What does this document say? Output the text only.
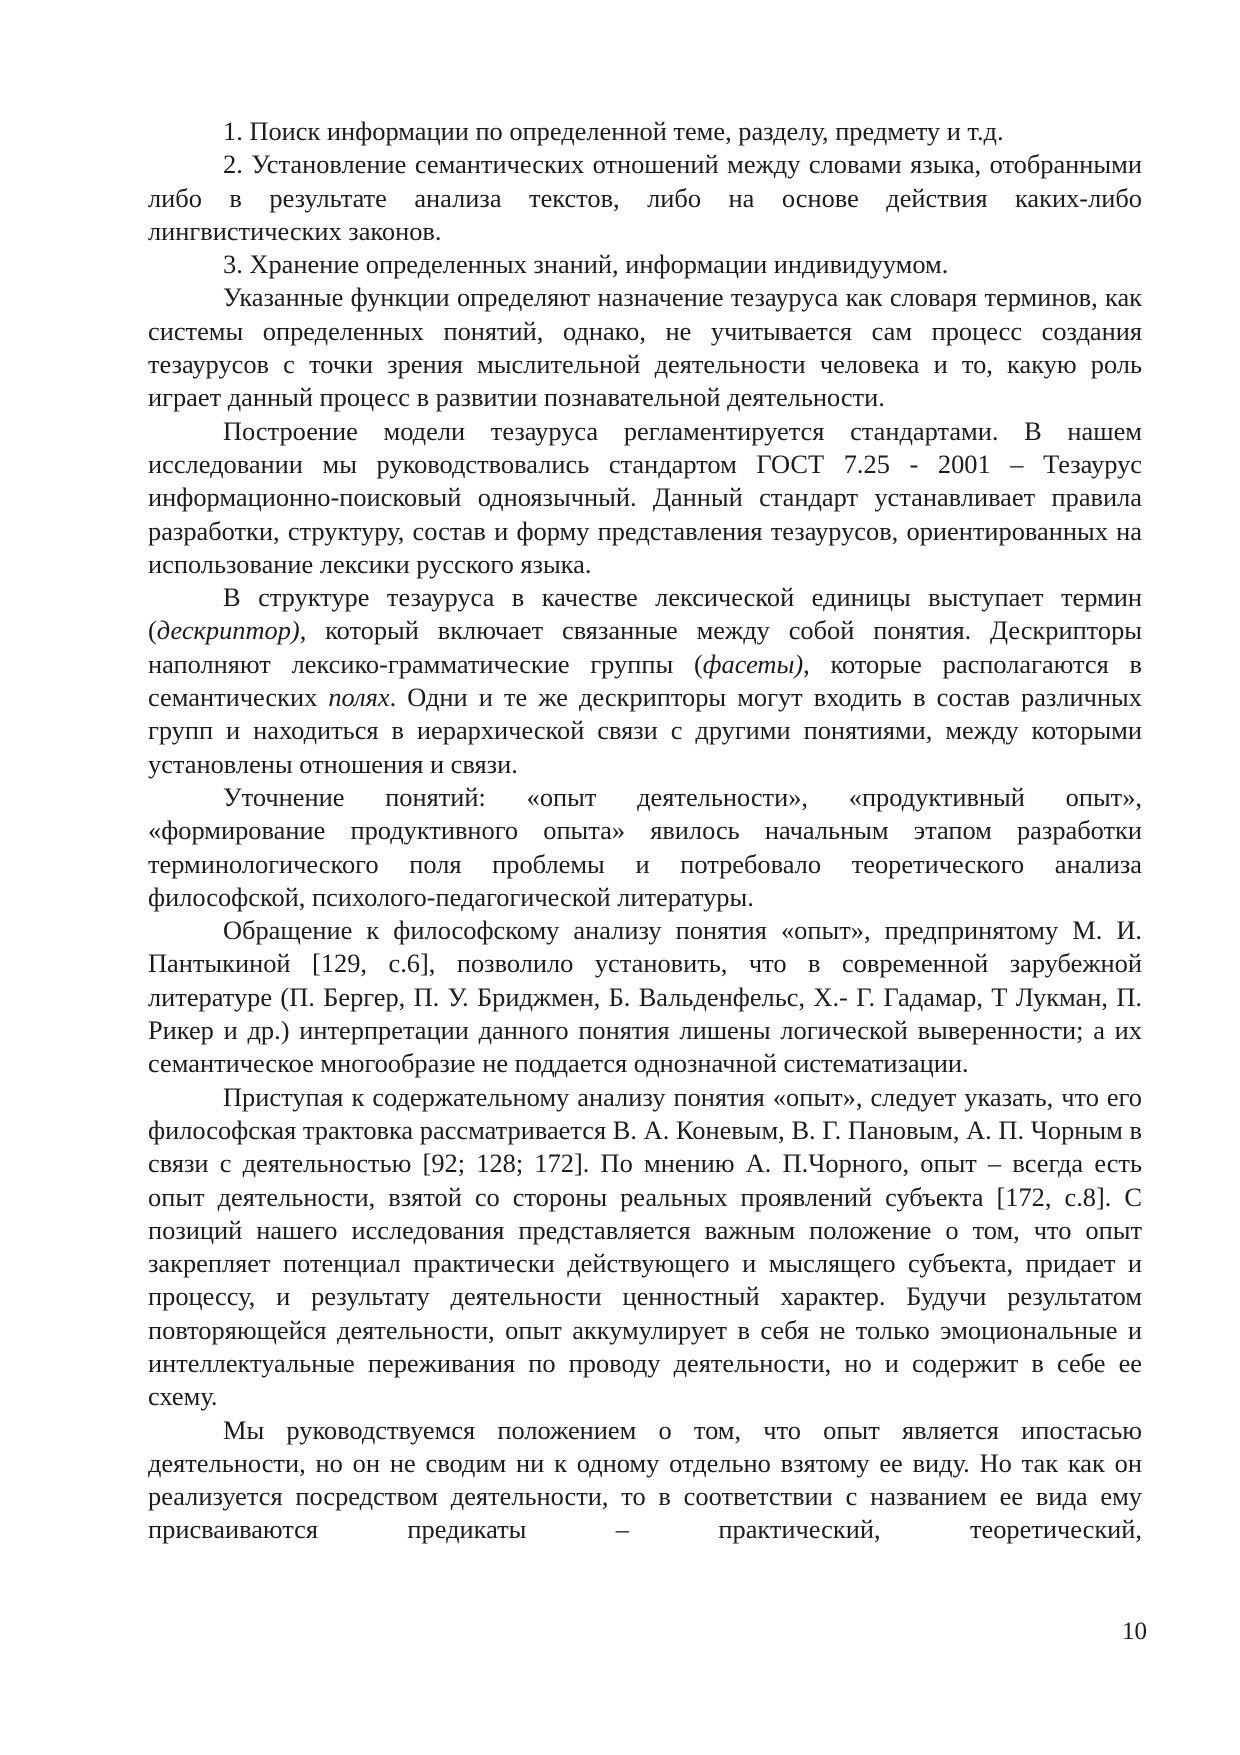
1. Поиск информации по определенной теме, разделу, предмету и т.д.

2. Установление семантических отношений между словами языка, отобранными либо в результате анализа текстов, либо на основе действия каких-либо лингвистических законов.

3. Хранение определенных знаний, информации индивидуумом.

Указанные функции определяют назначение тезауруса как словаря терминов, как системы определенных понятий, однако, не учитывается сам процесс создания тезаурусов с точки зрения мыслительной деятельности человека и то, какую роль играет данный процесс в развитии познавательной деятельности.

Построение модели тезауруса регламентируется стандартами. В нашем исследовании мы руководствовались стандартом ГОСТ 7.25 - 2001 – Тезаурус информационно-поисковый одноязычный. Данный стандарт устанавливает правила разработки, структуру, состав и форму представления тезаурусов, ориентированных на использование лексики русского языка.

В структуре тезауруса в качестве лексической единицы выступает термин (дескриптор), который включает связанные между собой понятия. Дескрипторы наполняют лексико-грамматические группы (фасеты), которые располагаются в семантических полях. Одни и те же дескрипторы могут входить в состав различных групп и находиться в иерархической связи с другими понятиями, между которыми установлены отношения и связи.

Уточнение понятий: «опыт деятельности», «продуктивный опыт», «формирование продуктивного опыта» явилось начальным этапом разработки терминологического поля проблемы и потребовало теоретического анализа философской, психолого-педагогической литературы.

Обращение к философскому анализу понятия «опыт», предпринятому М. И. Пантыкиной [129, с.6], позволило установить, что в современной зарубежной литературе (П. Бергер, П. У. Бриджмен, Б. Вальденфельс, Х.- Г. Гадамар, Т Лукман, П. Рикер и др.) интерпретации данного понятия лишены логической выверенности; а их семантическое многообразие не поддается однозначной систематизации.

Приступая к содержательному анализу понятия «опыт», следует указать, что его философская трактовка рассматривается В. А. Коневым, В. Г. Пановым, А. П. Чорным в связи с деятельностью [92; 128; 172]. По мнению А. П.Чорного, опыт – всегда есть опыт деятельности, взятой со стороны реальных проявлений субъекта [172, с.8]. С позиций нашего исследования представляется важным положение о том, что опыт закрепляет потенциал практически действующего и мыслящего субъекта, придает и процессу, и результату деятельности ценностный характер. Будучи результатом повторяющейся деятельности, опыт аккумулирует в себя не только эмоциональные и интеллектуальные переживания по проводу деятельности, но и содержит в себе ее схему.

Мы руководствуемся положением о том, что опыт является ипостасью деятельности, но он не сводим ни к одному отдельно взятому ее виду. Но так как он реализуется посредством деятельности, то в соответствии с названием ее вида ему присваиваются предикаты – практический, теоретический,

10
